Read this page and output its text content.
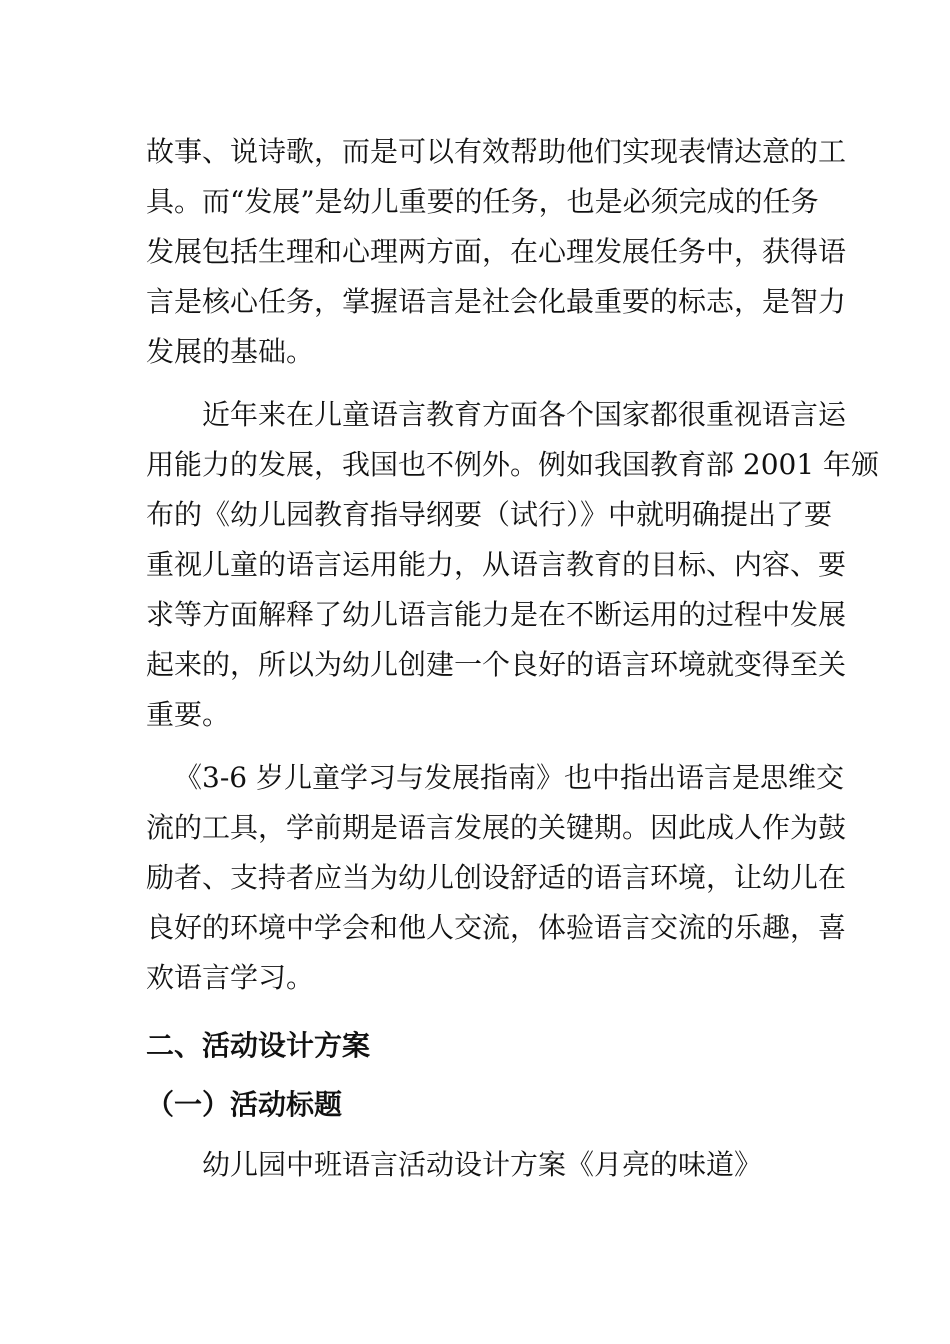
故事、说诗歌，而是可以有效帮助他们实现表情达意的工
具。而“发展”是幼儿重要的任务，也是必须完成的任务
发展包括生理和心理两方面，在心理发展任务中，获得语
言是核心任务，掌握语言是社会化最重要的标志，是智力
发展的基础。
近年来在儿童语言教育方面各个国家都很重视语言运
用能力的发展，我国也不例外。例如我国教育部 2001 年颁
布的《幼儿园教育指导纲要（试行）》中就明确提出了要
重视儿童的语言运用能力，从语言教育的目标、内容、要
求等方面解释了幼儿语言能力是在不断运用的过程中发展
起来的，所以为幼儿创建一个良好的语言环境就变得至关
重要。
《3-6 岁儿童学习与发展指南》也中指出语言是思维交
流的工具，学前期是语言发展的关键期。因此成人作为鼓
励者、支持者应当为幼儿创设舒适的语言环境，让幼儿在
良好的环境中学会和他人交流，体验语言交流的乐趣，喜
欢语言学习。
二、活动设计方案
（一）活动标题
幼儿园中班语言活动设计方案《月亮的味道》
